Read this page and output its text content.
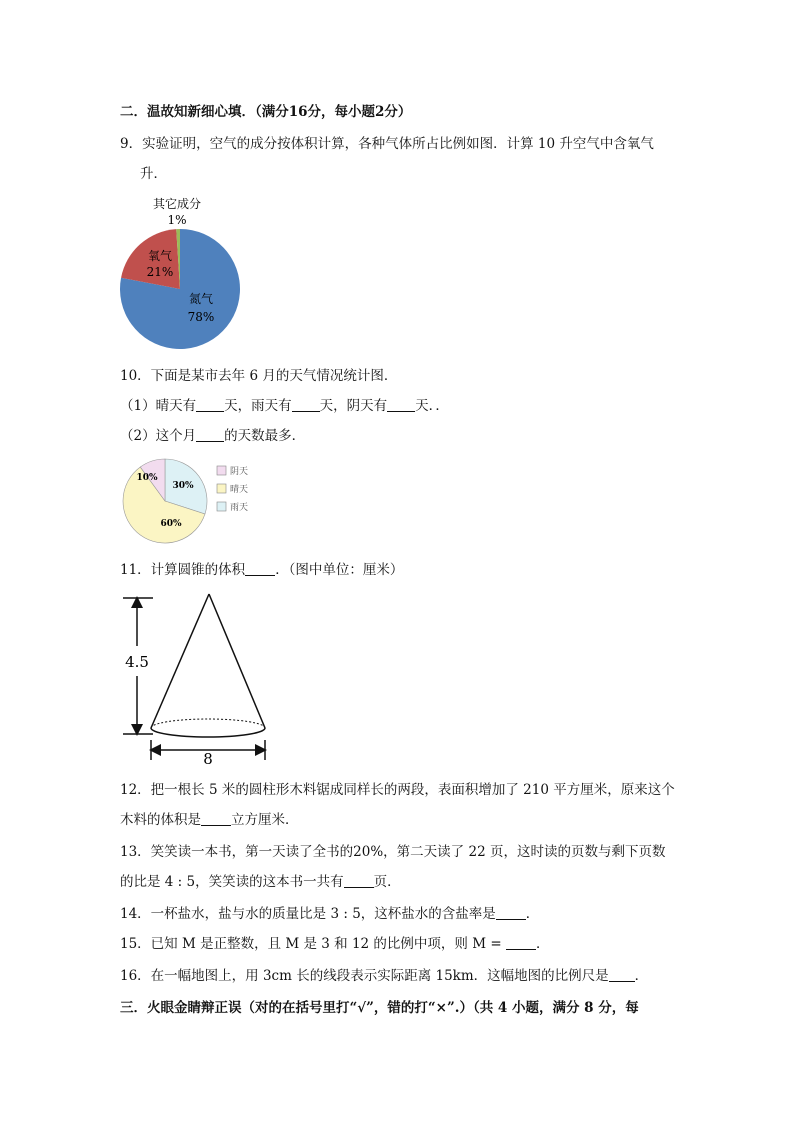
二．温故知新细心填．（满分16分，每小题2分）
9．实验证明，空气的成分按体积计算，各种气体所占比例如图．计算 10 升空气中含氧气
升．
其它成分
1%
氧气
21%
氮气
78%
10．下面是某市去年 6 月的天气情况统计图．
（1）晴天有 天，雨天有 天，阴天有 天．．
（2）这个月 的天数最多．
10%
60%
30%
阴天
晴天
雨天
11．计算圆锥的体积 ．（图中单位：厘米）
4.5
8
12．把一根长 5 米的圆柱形木料锯成同样长的两段，表面积增加了 210 平方厘米，原来这个
木料的体积是 立方厘米．
13．笑笑读一本书，第一天读了全书的20%，第二天读了 22 页，这时读的页数与剩下页数
的比是 4 : 5，笑笑读的这本书一共有 页．
14．一杯盐水，盐与水的质量比是 3 : 5，这杯盐水的含盐率是 ．
15．已知 M 是正整数，且 M 是 3 和 12 的比例中项，则 M =	．
16．在一幅地图上，用 3cm 长的线段表示实际距离 15km．这幅地图的比例尺是 ．
三．火眼金睛辩正误（对的在括号里打“√”，错的打“×”.）（共 4 小题，满分 8 分，每
